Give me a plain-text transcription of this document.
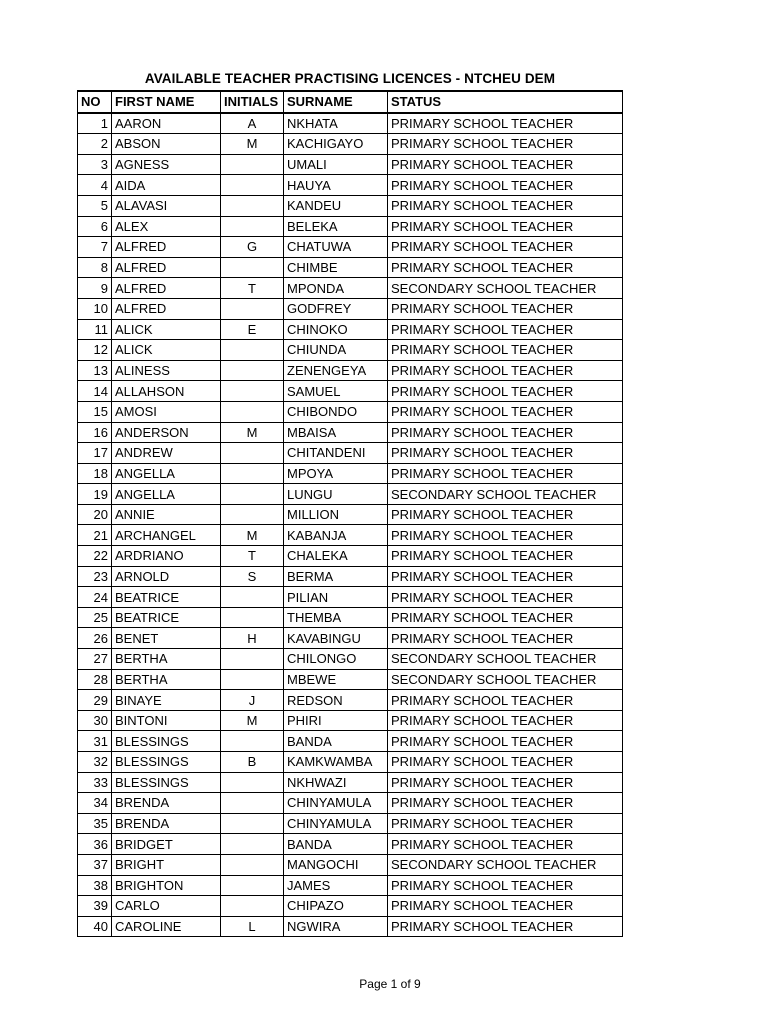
AVAILABLE TEACHER PRACTISING LICENCES - NTCHEU DEM
NO	FIRST NAME	INITIALS	SURNAME	STATUS
1	AARON	A	NKHATA	PRIMARY SCHOOL TEACHER
2	ABSON	M	KACHIGAYO	PRIMARY SCHOOL TEACHER
3	AGNESS		UMALI	PRIMARY SCHOOL TEACHER
4	AIDA		HAUYA	PRIMARY SCHOOL TEACHER
5	ALAVASI		KANDEU	PRIMARY SCHOOL TEACHER
6	ALEX		BELEKA	PRIMARY SCHOOL TEACHER
7	ALFRED	G	CHATUWA	PRIMARY SCHOOL TEACHER
8	ALFRED		CHIMBE	PRIMARY SCHOOL TEACHER
9	ALFRED	T	MPONDA	SECONDARY SCHOOL TEACHER
10	ALFRED		GODFREY	PRIMARY SCHOOL TEACHER
11	ALICK	E	CHINOKO	PRIMARY SCHOOL TEACHER
12	ALICK		CHIUNDA	PRIMARY SCHOOL TEACHER
13	ALINESS		ZENENGEYA	PRIMARY SCHOOL TEACHER
14	ALLAHSON		SAMUEL	PRIMARY SCHOOL TEACHER
15	AMOSI		CHIBONDO	PRIMARY SCHOOL TEACHER
16	ANDERSON	M	MBAISA	PRIMARY SCHOOL TEACHER
17	ANDREW		CHITANDENI	PRIMARY SCHOOL TEACHER
18	ANGELLA		MPOYA	PRIMARY SCHOOL TEACHER
19	ANGELLA		LUNGU	SECONDARY SCHOOL TEACHER
20	ANNIE		MILLION	PRIMARY SCHOOL TEACHER
21	ARCHANGEL	M	KABANJA	PRIMARY SCHOOL TEACHER
22	ARDRIANO	T	CHALEKA	PRIMARY SCHOOL TEACHER
23	ARNOLD	S	BERMA	PRIMARY SCHOOL TEACHER
24	BEATRICE		PILIAN	PRIMARY SCHOOL TEACHER
25	BEATRICE		THEMBA	PRIMARY SCHOOL TEACHER
26	BENET	H	KAVABINGU	PRIMARY SCHOOL TEACHER
27	BERTHA		CHILONGO	SECONDARY SCHOOL TEACHER
28	BERTHA		MBEWE	SECONDARY SCHOOL TEACHER
29	BINAYE	J	REDSON	PRIMARY SCHOOL TEACHER
30	BINTONI	M	PHIRI	PRIMARY SCHOOL TEACHER
31	BLESSINGS		BANDA	PRIMARY SCHOOL TEACHER
32	BLESSINGS	B	KAMKWAMBA	PRIMARY SCHOOL TEACHER
33	BLESSINGS		NKHWAZI	PRIMARY SCHOOL TEACHER
34	BRENDA		CHINYAMULA	PRIMARY SCHOOL TEACHER
35	BRENDA		CHINYAMULA	PRIMARY SCHOOL TEACHER
36	BRIDGET		BANDA	PRIMARY SCHOOL TEACHER
37	BRIGHT		MANGOCHI	SECONDARY SCHOOL TEACHER
38	BRIGHTON		JAMES	PRIMARY SCHOOL TEACHER
39	CARLO		CHIPAZO	PRIMARY SCHOOL TEACHER
40	CAROLINE	L	NGWIRA	PRIMARY SCHOOL TEACHER
Page 1 of 9
